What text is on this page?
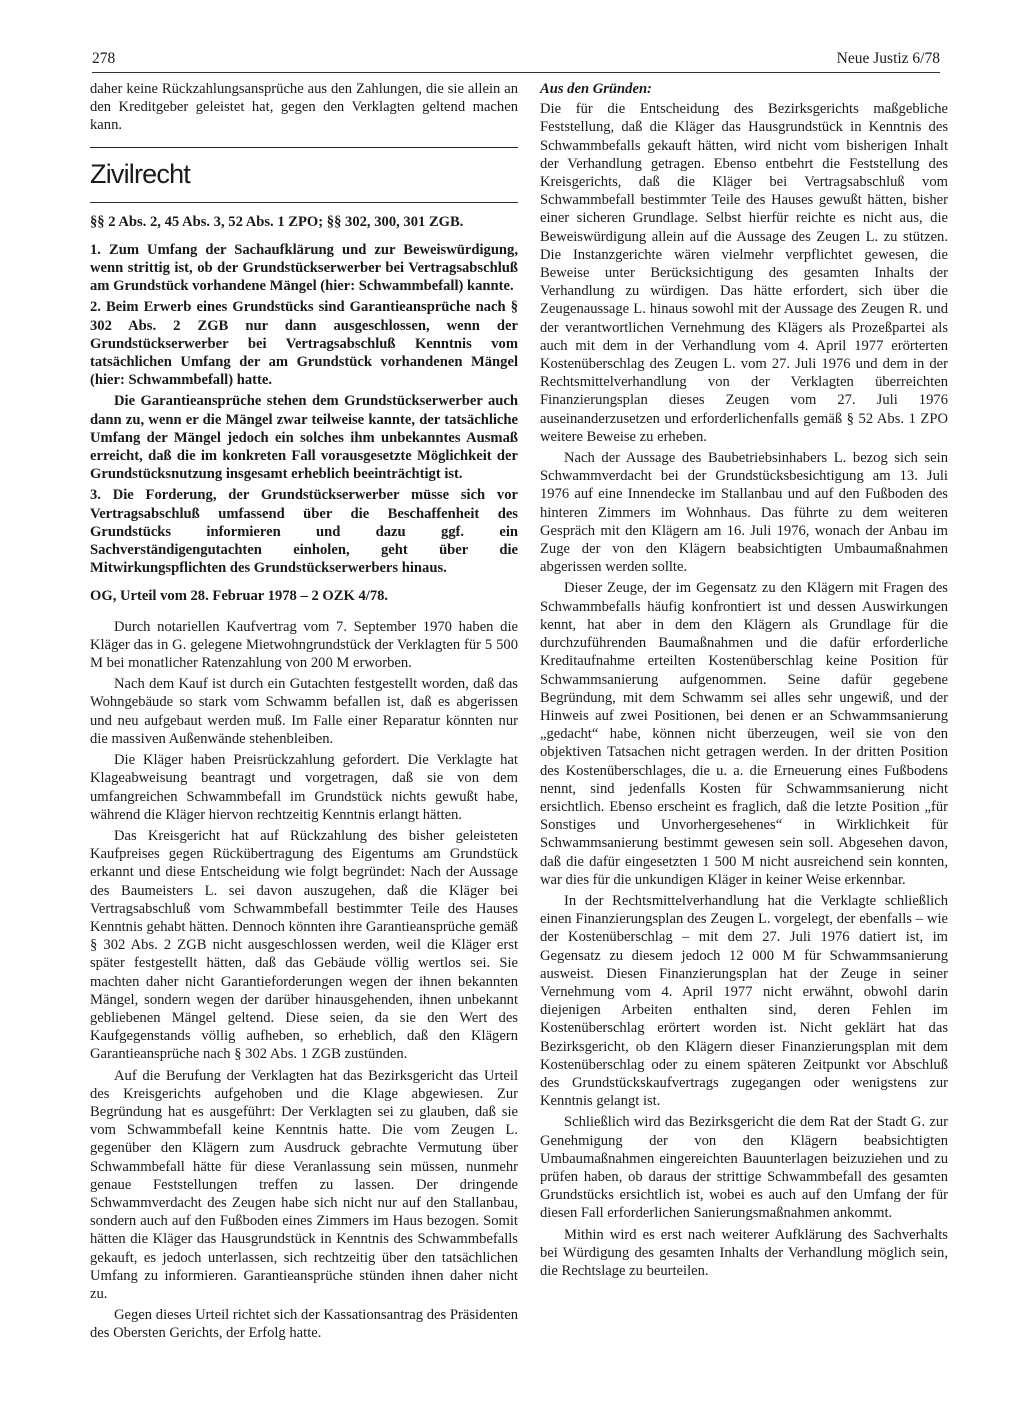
278	Neue Justiz 6/78

daher keine Rückzahlungsansprüche aus den Zahlungen, die sie allein an den Kreditgeber geleistet hat, gegen den Verklagten geltend machen kann.

Zivilrecht

§§ 2 Abs. 2, 45 Abs. 3, 52 Abs. 1 ZPO; §§ 302, 300, 301 ZGB.

1. Zum Umfang der Sachaufklärung und zur Beweiswürdigung, wenn strittig ist, ob der Grundstückserwerber bei Vertragsabschluß am Grundstück vorhandene Mängel (hier: Schwammbefall) kannte.

2. Beim Erwerb eines Grundstücks sind Garantieansprüche nach § 302 Abs. 2 ZGB nur dann ausgeschlossen, wenn der Grundstückserwerber bei Vertragsabschluß Kenntnis vom tatsächlichen Umfang der am Grundstück vorhandenen Mängel (hier: Schwammbefall) hatte.

Die Garantieansprüche stehen dem Grundstückserwerber auch dann zu, wenn er die Mängel zwar teilweise kannte, der tatsächliche Umfang der Mängel jedoch ein solches ihm unbekanntes Ausmaß erreicht, daß die im konkreten Fall vorausgesetzte Möglichkeit der Grundstücksnutzung insgesamt erheblich beeinträchtigt ist.

3. Die Forderung, der Grundstückserwerber müsse sich vor Vertragsabschluß umfassend über die Beschaffenheit des Grundstücks informieren und dazu ggf. ein Sachverständigengutachten einholen, geht über die Mitwirkungspflichten des Grundstückserwerbers hinaus.

OG, Urteil vom 28. Februar 1978 – 2 OZK 4/78.

Durch notariellen Kaufvertrag vom 7. September 1970 haben die Kläger das in G. gelegene Mietwohngrundstück der Verklagten für 5 500 M bei monatlicher Ratenzahlung von 200 M erworben.

Nach dem Kauf ist durch ein Gutachten festgestellt worden, daß das Wohngebäude so stark vom Schwamm befallen ist, daß es abgerissen und neu aufgebaut werden muß. Im Falle einer Reparatur könnten nur die massiven Außenwände stehenbleiben.

Die Kläger haben Preisrückzahlung gefordert. Die Verklagte hat Klageabweisung beantragt und vorgetragen, daß sie von dem umfangreichen Schwammbefall im Grundstück nichts gewußt habe, während die Kläger hiervon rechtzeitig Kenntnis erlangt hätten.

Das Kreisgericht hat auf Rückzahlung des bisher geleisteten Kaufpreises gegen Rückübertragung des Eigentums am Grundstück erkannt und diese Entscheidung wie folgt begründet: Nach der Aussage des Baumeisters L. sei davon auszugehen, daß die Kläger bei Vertragsabschluß vom Schwammbefall bestimmter Teile des Hauses Kenntnis gehabt hätten. Dennoch könnten ihre Garantieansprüche gemäß § 302 Abs. 2 ZGB nicht ausgeschlossen werden, weil die Kläger erst später festgestellt hätten, daß das Gebäude völlig wertlos sei. Sie machten daher nicht Garantieforderungen wegen der ihnen bekannten Mängel, sondern wegen der darüber hinausgehenden, ihnen unbekannt gebliebenen Mängel geltend. Diese seien, da sie den Wert des Kaufgegenstands völlig aufheben, so erheblich, daß den Klägern Garantieansprüche nach § 302 Abs. 1 ZGB zustünden.

Auf die Berufung der Verklagten hat das Bezirksgericht das Urteil des Kreisgerichts aufgehoben und die Klage abgewiesen. Zur Begründung hat es ausgeführt: Der Verklagten sei zu glauben, daß sie vom Schwammbefall keine Kenntnis hatte. Die vom Zeugen L. gegenüber den Klägern zum Ausdruck gebrachte Vermutung über Schwammbefall hätte für diese Veranlassung sein müssen, nunmehr genaue Feststellungen treffen zu lassen. Der dringende Schwammverdacht des Zeugen habe sich nicht nur auf den Stallanbau, sondern auch auf den Fußboden eines Zimmers im Haus bezogen. Somit hätten die Kläger das Hausgrundstück in Kenntnis des Schwammbefalls gekauft, es jedoch unterlassen, sich rechtzeitig über den tatsächlichen Umfang zu informieren. Garantieansprüche stünden ihnen daher nicht zu.

Gegen dieses Urteil richtet sich der Kassationsantrag des Präsidenten des Obersten Gerichts, der Erfolg hatte.

Aus den Gründen:

Die für die Entscheidung des Bezirksgerichts maßgebliche Feststellung, daß die Kläger das Hausgrundstück in Kenntnis des Schwammbefalls gekauft hätten, wird nicht vom bisherigen Inhalt der Verhandlung getragen. Ebenso entbehrt die Feststellung des Kreisgerichts, daß die Kläger bei Vertragsabschluß vom Schwammbefall bestimmter Teile des Hauses gewußt hätten, bisher einer sicheren Grundlage. Selbst hierfür reichte es nicht aus, die Beweiswürdigung allein auf die Aussage des Zeugen L. zu stützen. Die Instanzgerichte wären vielmehr verpflichtet gewesen, die Beweise unter Berücksichtigung des gesamten Inhalts der Verhandlung zu würdigen. Das hätte erfordert, sich über die Zeugenaussage L. hinaus sowohl mit der Aussage des Zeugen R. und der verantwortlichen Vernehmung des Klägers als Prozeßpartei als auch mit dem in der Verhandlung vom 4. April 1977 erörterten Kostenüberschlag des Zeugen L. vom 27. Juli 1976 und dem in der Rechtsmittelverhandlung von der Verklagten überreichten Finanzierungsplan dieses Zeugen vom 27. Juli 1976 auseinanderzusetzen und erforderlichenfalls gemäß § 52 Abs. 1 ZPO weitere Beweise zu erheben.

Nach der Aussage des Baubetriebsinhabers L. bezog sich sein Schwammverdacht bei der Grundstücksbesichtigung am 13. Juli 1976 auf eine Innendecke im Stallanbau und auf den Fußboden des hinteren Zimmers im Wohnhaus. Das führte zu dem weiteren Gespräch mit den Klägern am 16. Juli 1976, wonach der Anbau im Zuge der von den Klägern beabsichtigten Umbaumaßnahmen abgerissen werden sollte.

Dieser Zeuge, der im Gegensatz zu den Klägern mit Fragen des Schwammbefalls häufig konfrontiert ist und dessen Auswirkungen kennt, hat aber in dem den Klägern als Grundlage für die durchzuführenden Baumaßnahmen und die dafür erforderliche Kreditaufnahme erteilten Kostenüberschlag keine Position für Schwammsanierung aufgenommen. Seine dafür gegebene Begründung, mit dem Schwamm sei alles sehr ungewiß, und der Hinweis auf zwei Positionen, bei denen er an Schwammsanierung „gedacht“ habe, können nicht überzeugen, weil sie von den objektiven Tatsachen nicht getragen werden. In der dritten Position des Kostenüberschlages, die u. a. die Erneuerung eines Fußbodens nennt, sind jedenfalls Kosten für Schwammsanierung nicht ersichtlich. Ebenso erscheint es fraglich, daß die letzte Position „für Sonstiges und Unvorhergesehenes“ in Wirklichkeit für Schwammsanierung bestimmt gewesen sein soll. Abgesehen davon, daß die dafür eingesetzten 1 500 M nicht ausreichend sein konnten, war dies für die unkundigen Kläger in keiner Weise erkennbar.

In der Rechtsmittelverhandlung hat die Verklagte schließlich einen Finanzierungsplan des Zeugen L. vorgelegt, der ebenfalls – wie der Kostenüberschlag – mit dem 27. Juli 1976 datiert ist, im Gegensatz zu diesem jedoch 12 000 M für Schwammsanierung ausweist. Diesen Finanzierungsplan hat der Zeuge in seiner Vernehmung vom 4. April 1977 nicht erwähnt, obwohl darin diejenigen Arbeiten enthalten sind, deren Fehlen im Kostenüberschlag erörtert worden ist. Nicht geklärt hat das Bezirksgericht, ob den Klägern dieser Finanzierungsplan mit dem Kostenüberschlag oder zu einem späteren Zeitpunkt vor Abschluß des Grundstückskaufvertrags zugegangen oder wenigstens zur Kenntnis gelangt ist.

Schließlich wird das Bezirksgericht die dem Rat der Stadt G. zur Genehmigung der von den Klägern beabsichtigten Umbaumaßnahmen eingereichten Bauunterlagen beizuziehen und zu prüfen haben, ob daraus der strittige Schwammbefall des gesamten Grundstücks ersichtlich ist, wobei es auch auf den Umfang der für diesen Fall erforderlichen Sanierungsmaßnahmen ankommt.

Mithin wird es erst nach weiterer Aufklärung des Sachverhalts bei Würdigung des gesamten Inhalts der Verhandlung möglich sein, die Rechtslage zu beurteilen.
